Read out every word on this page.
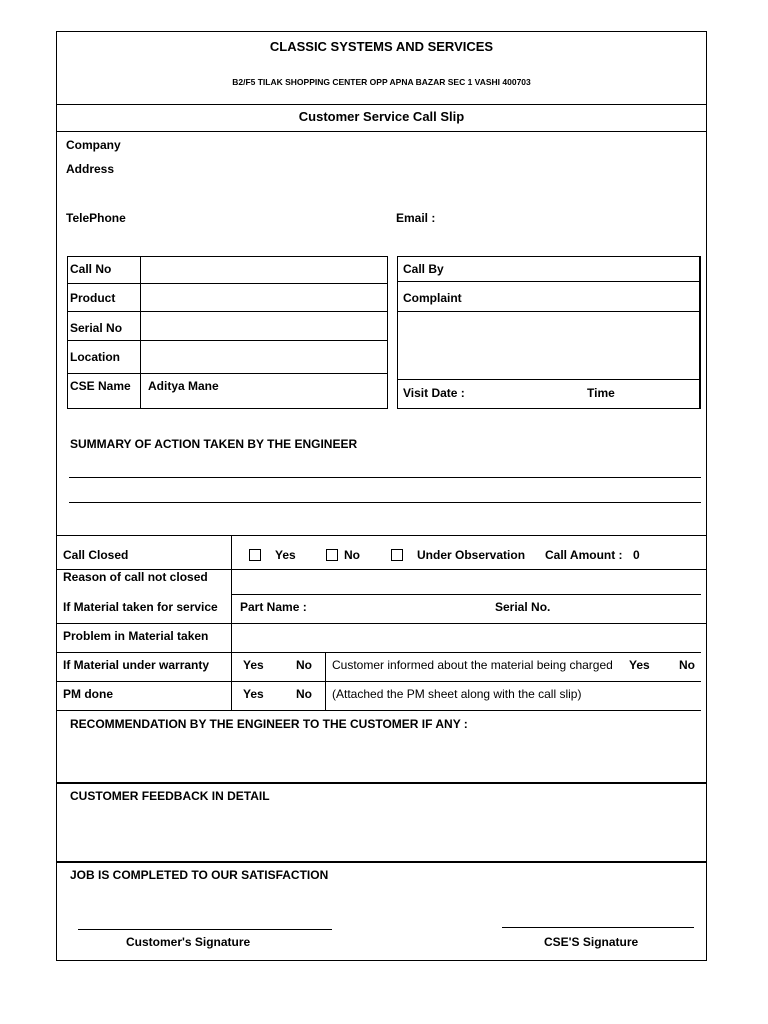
CLASSIC SYSTEMS AND SERVICES
B2/F5 TILAK SHOPPING CENTER OPP APNA BAZAR SEC 1 VASHI 400703
Customer Service Call Slip
Company
Address
TelePhone	Email :
Call No
Product
Serial No
Location
CSE Name Aditya Mane
Call By
Complaint
Visit Date :	Time
SUMMARY OF ACTION TAKEN BY THE ENGINEER
Call Closed	Yes	No	Under Observation Call Amount : 0
Reason of call not closed
If Material taken for service Part Name :	Serial No.
Problem in Material taken
If Material under warranty	Yes	No Customer informed about the material being charged Yes No
PM done	Yes	No (Attached the PM sheet along with the call slip)
RECOMMENDATION BY THE ENGINEER TO THE CUSTOMER IF ANY :
CUSTOMER FEEDBACK IN DETAIL
JOB IS COMPLETED TO OUR SATISFACTION
Customer's Signature	CSE'S Signature
